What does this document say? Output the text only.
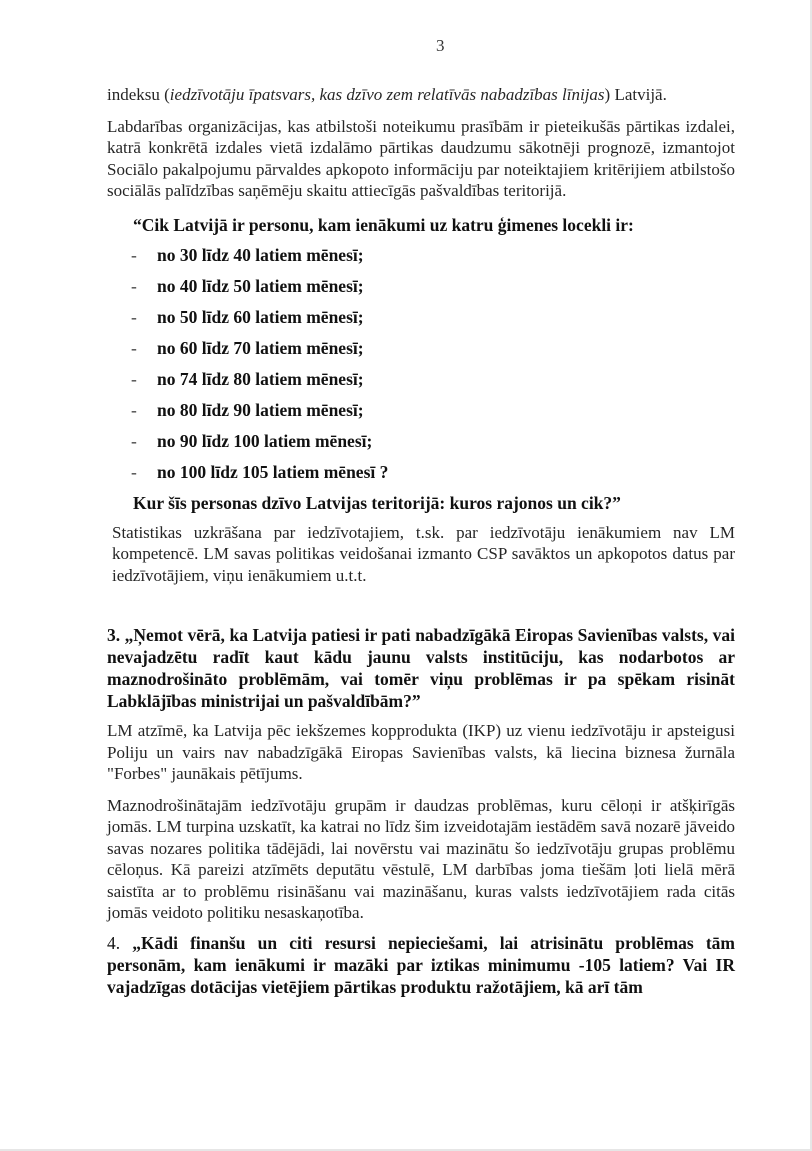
3

indeksu (iedzīvotāju īpatsvars, kas dzīvo zem relatīvās nabadzības līnijas) Latvijā.

Labdarības organizācijas, kas atbilstoši noteikumu prasībām ir pieteikušās pārtikas izdalei, katrā konkrētā izdales vietā izdalāmo pārtikas daudzumu sākotnēji prognozē, izmantojot Sociālo pakalpojumu pārvaldes apkopoto informāciju par noteiktajiem kritērijiem atbilstošo sociālās palīdzības saņēmēju skaitu attiecīgās pašvaldības teritorijā.

“Cik Latvijā ir personu, kam ienākumi uz katru ģimenes locekli ir:

- no 30 līdz 40 latiem mēnesī;
- no 40 līdz 50 latiem mēnesī;
- no 50 līdz 60 latiem mēnesī;
- no 60 līdz 70 latiem mēnesī;
- no 74 līdz 80 latiem mēnesī;
- no 80 līdz 90 latiem mēnesī;
- no 90 līdz 100 latiem mēnesī;
- no 100 līdz 105 latiem mēnesī ?

Kur šīs personas dzīvo Latvijas teritorijā: kuros rajonos un cik?”

Statistikas uzkrāšana par iedzīvotajiem, t.sk. par iedzīvotāju ienākumiem nav LM kompetencē. LM savas politikas veidošanai izmanto CSP savāktos un apkopotos datus par iedzīvotājiem, viņu ienākumiem u.t.t.

3. „Ņemot vērā, ka Latvija patiesi ir pati nabadzīgākā Eiropas Savienības valsts, vai nevajadzētu radīt kaut kādu jaunu valsts institūciju, kas nodarbotos ar maznodrošināto problēmām, vai tomēr viņu problēmas ir pa spēkam risināt Labklājības ministrijai un pašvaldībām?”

LM atzīmē, ka Latvija pēc iekšzemes kopprodukta (IKP) uz vienu iedzīvotāju ir apsteigusi Poliju un vairs nav nabadzīgākā Eiropas Savienības valsts, kā liecina biznesa žurnāla "Forbes" jaunākais pētījums.

Maznodrošinātajām iedzīvotāju grupām ir daudzas problēmas, kuru cēloņi ir atšķirīgās jomās. LM turpina uzskatīt, ka katrai no līdz šim izveidotajām iestādēm savā nozarē jāveido savas nozares politika tādējādi, lai novērstu vai mazinātu šo iedzīvotāju grupas problēmu cēloņus. Kā pareizi atzīmēts deputātu vēstulē, LM darbības joma tiešām ļoti lielā mērā saistīta ar to problēmu risināšanu vai mazināšanu, kuras valsts iedzīvotājiem rada citās jomās veidoto politiku nesaskaņotība.

4. „Kādi finanšu un citi resursi nepieciešami, lai atrisinātu problēmas tām personām, kam ienākumi ir mazāki par iztikas minimumu -105 latiem? Vai IR vajadzīgas dotācijas vietējiem pārtikas produktu ražotājiem, kā arī tām
